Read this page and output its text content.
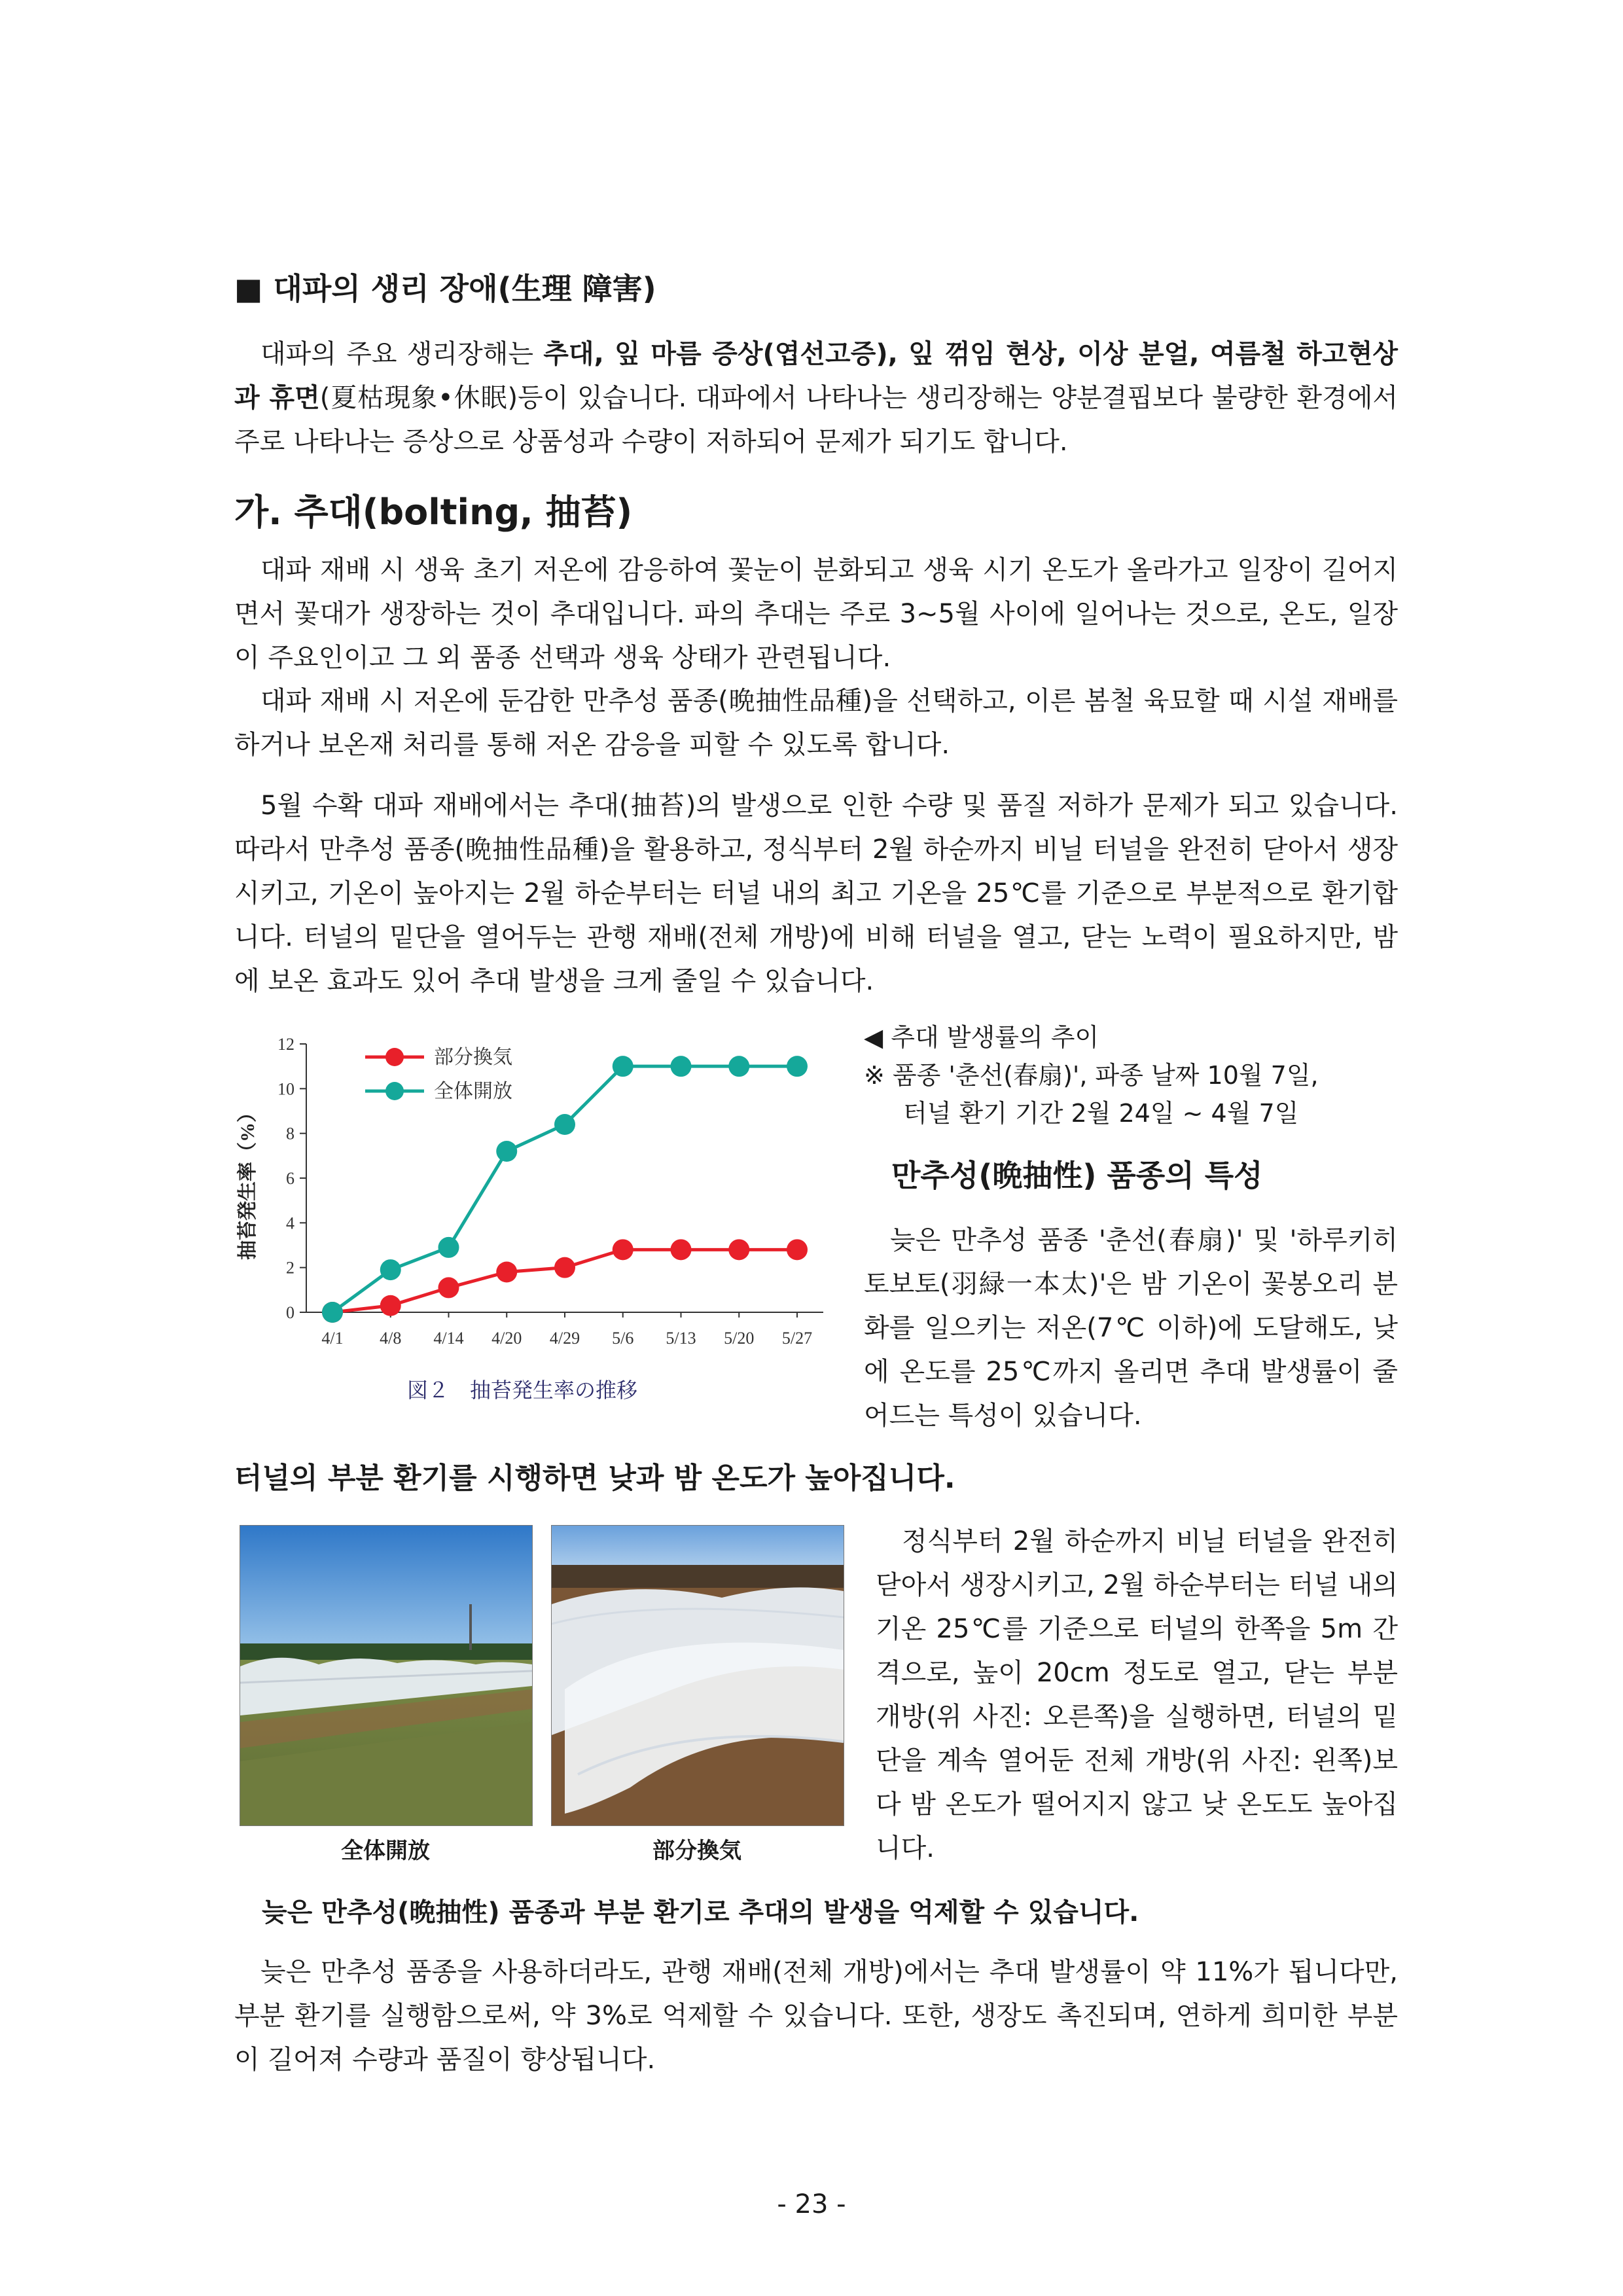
■ 대파의 생리 장애(生理 障害)

대파의 주요 생리장해는 추대, 잎 마름 증상(엽선고증), 잎 꺾임 현상, 이상 분얼, 여름철 하고현상과 휴면(夏枯現象•休眠)등이 있습니다. 대파에서 나타나는 생리장해는 양분결핍보다 불량한 환경에서 주로 나타나는 증상으로 상품성과 수량이 저하되어 문제가 되기도 합니다.

가. 추대(bolting, 抽苔)

대파 재배 시 생육 초기 저온에 감응하여 꽃눈이 분화되고 생육 시기 온도가 올라가고 일장이 길어지면서 꽃대가 생장하는 것이 추대입니다. 파의 추대는 주로 3~5월 사이에 일어나는 것으로, 온도, 일장이 주요인이고 그 외 품종 선택과 생육 상태가 관련됩니다.

대파 재배 시 저온에 둔감한 만추성 품종(晩抽性品種)을 선택하고, 이른 봄철 육묘할 때 시설 재배를 하거나 보온재 처리를 통해 저온 감응을 피할 수 있도록 합니다.

5월 수확 대파 재배에서는 추대(抽苔)의 발생으로 인한 수량 및 품질 저하가 문제가 되고 있습니다. 따라서 만추성 품종(晩抽性品種)을 활용하고, 정식부터 2월 하순까지 비닐 터널을 완전히 닫아서 생장시키고, 기온이 높아지는 2월 하순부터는 터널 내의 최고 기온을 25℃를 기준으로 부분적으로 환기합니다. 터널의 밑단을 열어두는 관행 재배(전체 개방)에 비해 터널을 열고, 닫는 노력이 필요하지만, 밤에 보온 효과도 있어 추대 발생을 크게 줄일 수 있습니다.

0
2
4
6
8
10
12
4/1 4/8 4/14 4/20 4/29 5/6 5/13 5/20 5/27
部分換気
全体開放
抽苔発生率（%）
図２　抽苔発生率の推移
◀ 추대 발생률의 추이
※ 품종 '춘선(春扇)', 파종 날짜 10월 7일,
터널 환기 기간 2월 24일 ~ 4월 7일
만추성(晩抽性) 품종의 특성

늦은 만추성 품종 '춘선(春扇)' 및 '하루키히토보토(羽緑一本太)'은 밤 기온이 꽃봉오리 분화를 일으키는 저온(7℃ 이하)에 도달해도, 낮에 온도를 25℃까지 올리면 추대 발생률이 줄어드는 특성이 있습니다.

터널의 부분 환기를 시행하면 낮과 밤 온도가 높아집니다.
全体開放	部分換気

정식부터 2월 하순까지 비닐 터널을 완전히 닫아서 생장시키고, 2월 하순부터는 터널 내의 기온 25℃를 기준으로 터널의 한쪽을 5m 간격으로, 높이 20cm 정도로 열고, 닫는 부분 개방(위 사진: 오른쪽)을 실행하면, 터널의 밑단을 계속 열어둔 전체 개방(위 사진: 왼쪽)보다 밤 온도가 떨어지지 않고 낮 온도도 높아집니다.

늦은 만추성(晩抽性) 품종과 부분 환기로 추대의 발생을 억제할 수 있습니다.

늦은 만추성 품종을 사용하더라도, 관행 재배(전체 개방)에서는 추대 발생률이 약 11%가 됩니다만, 부분 환기를 실행함으로써, 약 3%로 억제할 수 있습니다. 또한, 생장도 촉진되며, 연하게 희미한 부분이 길어져 수량과 품질이 향상됩니다.

- 23 -
